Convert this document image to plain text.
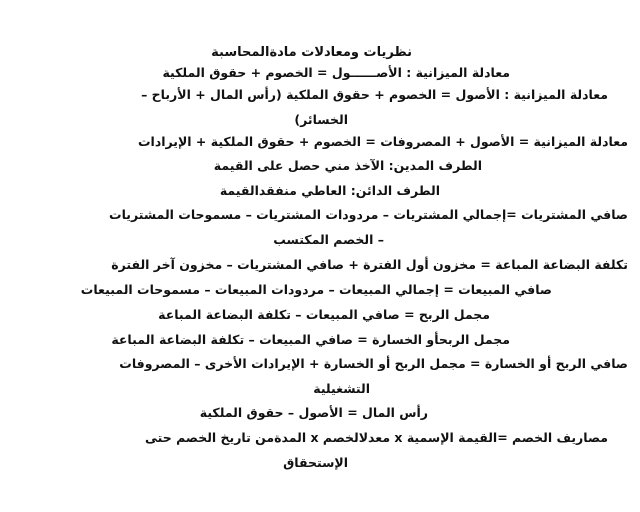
نظريات ومعادلات مادةالمحاسبة
معادلة الميزانية : الأصــــــول = الخصوم + حقوق الملكية
معادلة الميزانية : الأصول = الخصوم + حقوق الملكية (رأس المال + الأرباح –
الخسائر)
معادلة الميزانية = الأصول + المصروفات = الخصوم + حقوق الملكية + الإيرادات
الطرف المدين: الآخذ مني حصل على القيمة
الطرف الدائن: العاطي منفقدالقيمة
صافي المشتريات =إجمالي المشتريات – مردودات المشتريات – مسموحات المشتريات
– الخصم المكتسب
تكلفة البضاعة المباعة = مخزون أول الفترة + صافي المشتريات – مخزون آخر الفترة
صافي المبيعات = إجمالي المبيعات – مردودات المبيعات – مسموحات المبيعات
مجمل الربح = صافي المبيعات – تكلفة البضاعة المباعة
مجمل الربحأو الخسارة = صافي المبيعات – تكلفة البضاعة المباعة
صافي الربح أو الخسارة = مجمل الربح أو الخسارة + الإيرادات الأخرى – المصروفات
التشغيلية
رأس المال = الأصول – حقوق الملكية
مصاريف الخصم =القيمة الإسمية x معدلالخصم x المدةمن تاريخ الخصم حتى
الإستحقاق
